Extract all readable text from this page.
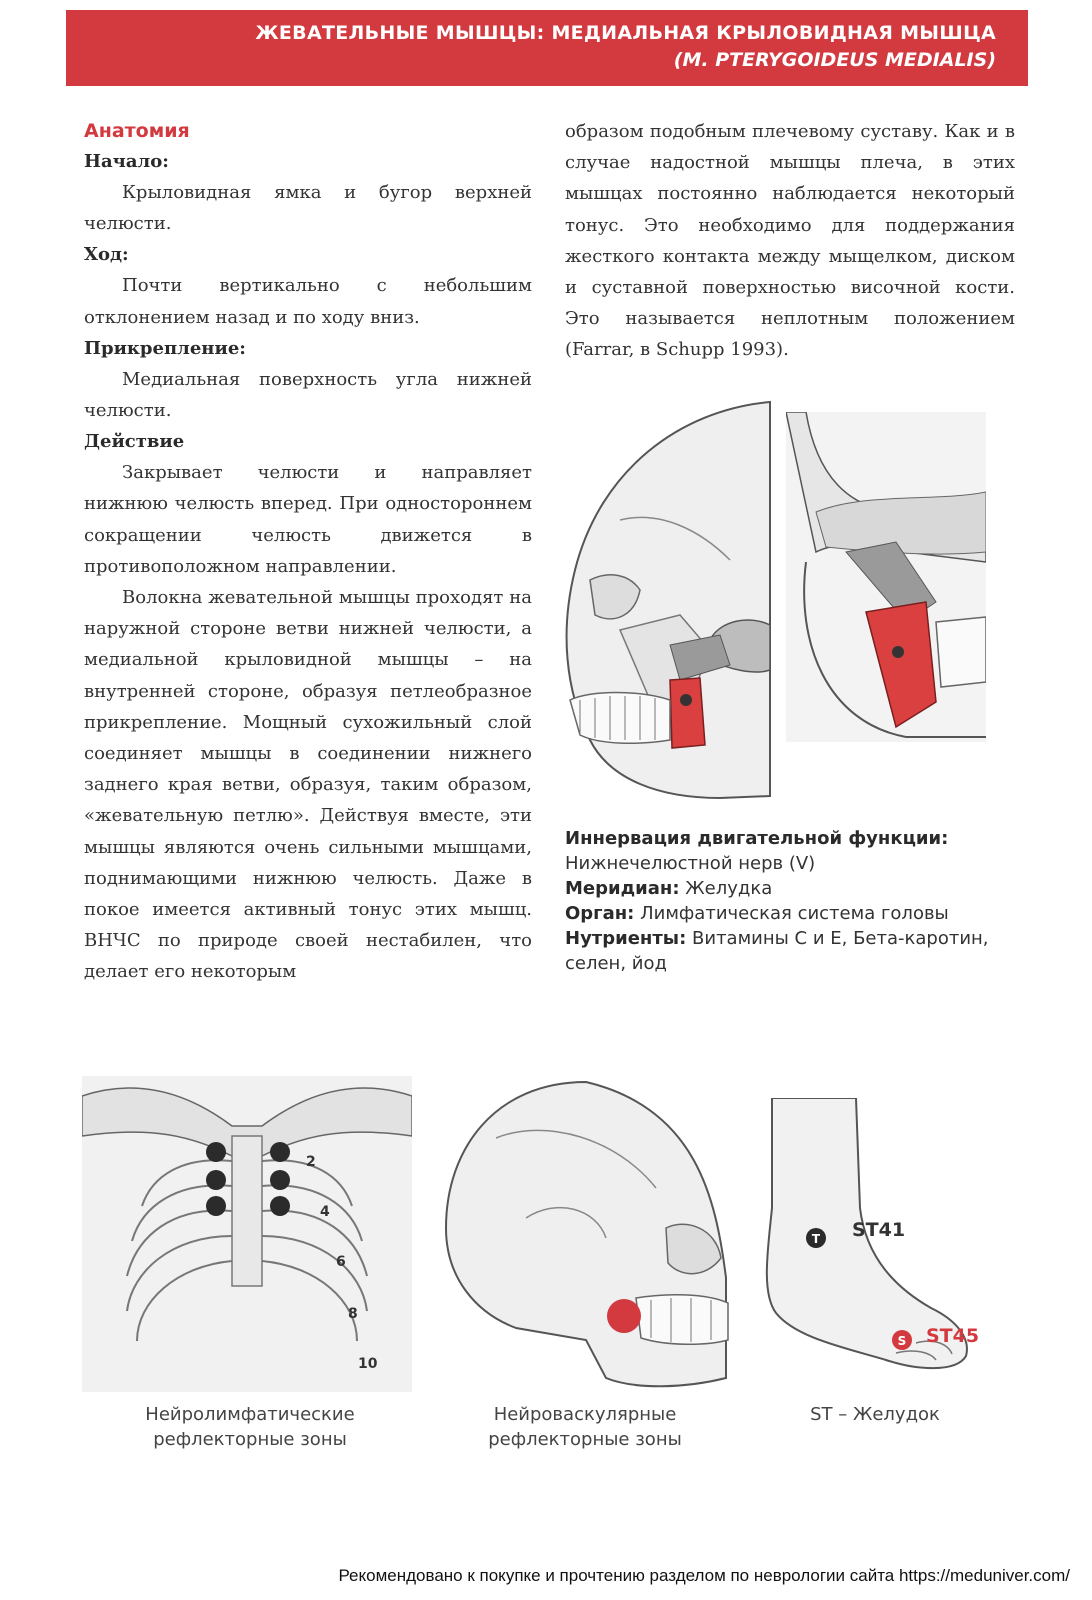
ЖЕВАТЕЛЬНЫЕ МЫШЦЫ: МЕДИАЛЬНАЯ КРЫЛОВИДНАЯ МЫШЦА
(M. PTERYGOIDEUS MEDIALIS)
Анатомия
Начало:
Крыловидная ямка и бугор верхней челюсти.
Ход:
Почти вертикально с небольшим отклонением назад и по ходу вниз.
Прикрепление:
Медиальная поверхность угла нижней челюсти.
Действие
Закрывает челюсти и направляет нижнюю челюсть вперед. При одностороннем сокращении челюсть движется в противоположном направлении.
Волокна жевательной мышцы проходят на наружной стороне ветви нижней челюсти, а медиальной крыловидной мышцы – на внутренней стороне, образуя петлеобразное прикрепление. Мощный сухожильный слой соединяет мышцы в соединении нижнего заднего края ветви, образуя, таким образом, «жевательную петлю». Действуя вместе, эти мышцы являются очень сильными мышцами, поднимающими нижнюю челюсть. Даже в покое имеется активный тонус этих мышц. ВНЧС по природе своей нестабилен, что делает его некоторым
образом подобным плечевому суставу. Как и в случае надостной мышцы плеча, в этих мышцах постоянно наблюдается некоторый тонус. Это необходимо для поддержания жесткого контакта между мыщелком, диском и суставной поверхностью височной кости. Это называется неплотным положением (Farrar, в Schupp 1993).
Иннервация двигательной функции:
Нижнечелюстной нерв (V)
Меридиан: Желудка
Орган: Лимфатическая система головы
Нутриенты: Витамины С и Е, Бета-каротин, селен, йод
2
4
6
8
10
Нейролимфатические рефлекторные зоны
Нейроваскулярные рефлекторные зоны
T ST41
S ST45
ST – Желудок
Рекомендовано к покупке и прочтению разделом по неврологии сайта https://meduniver.com/
